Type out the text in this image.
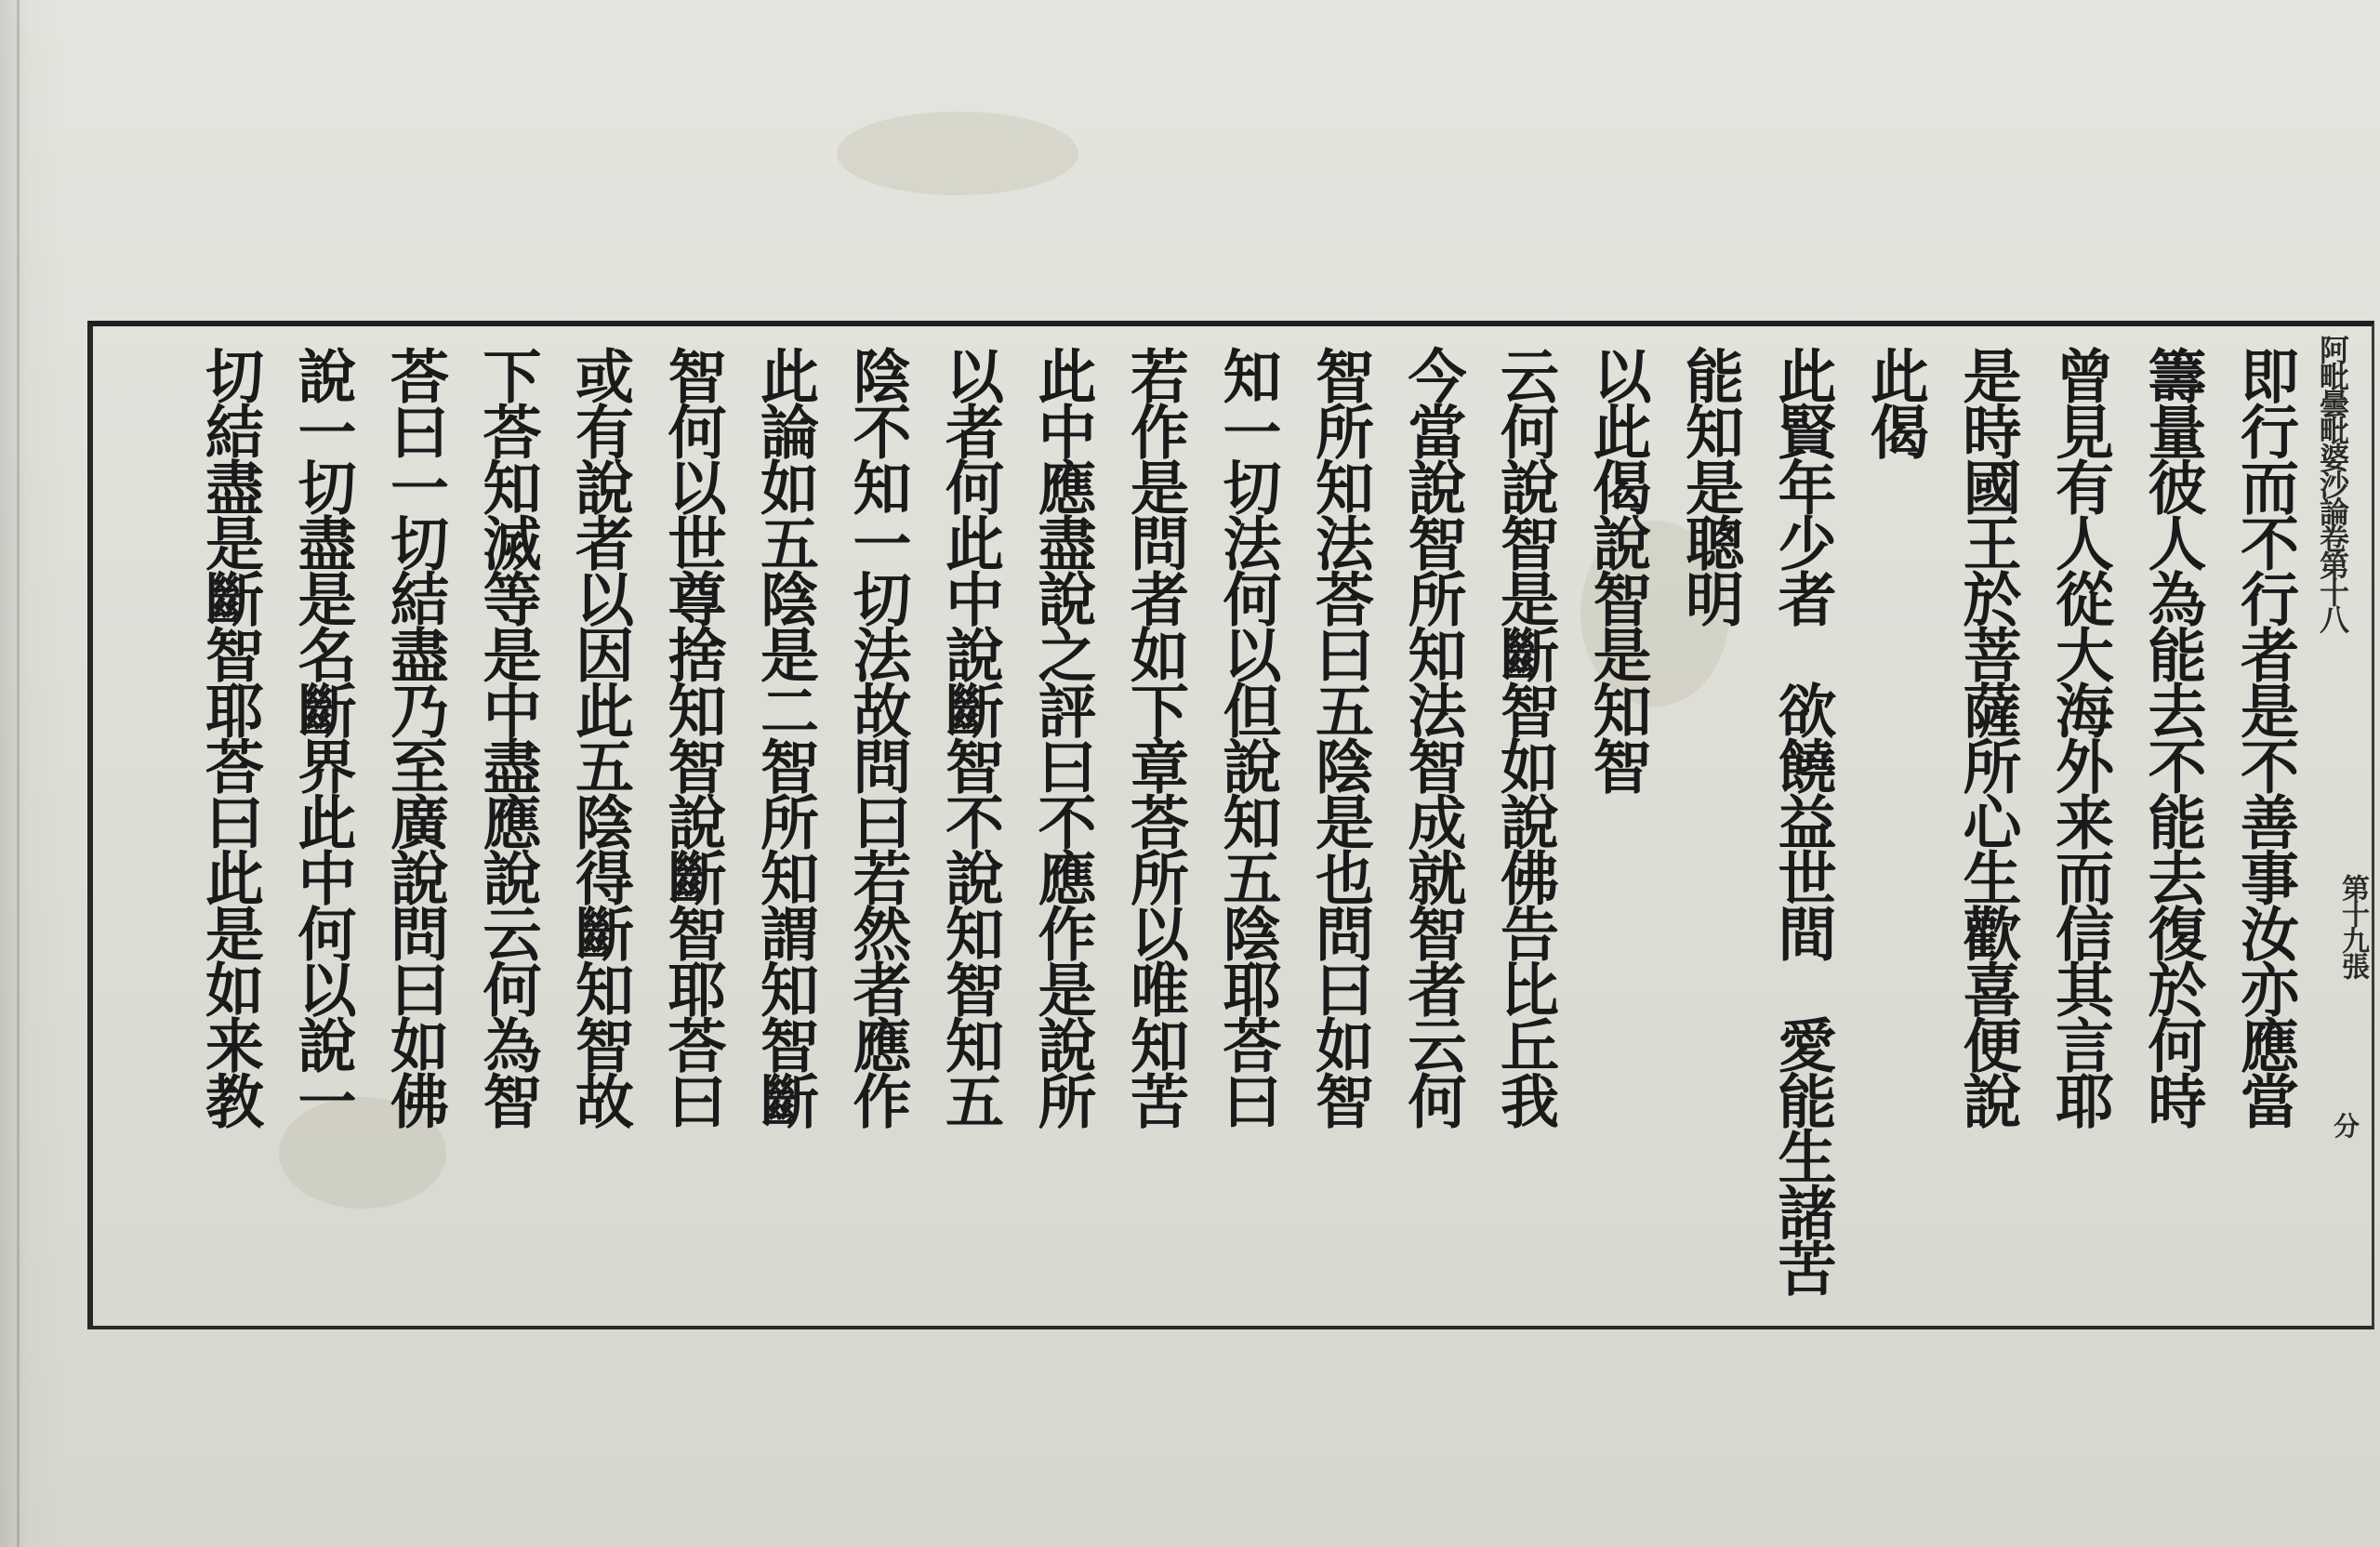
阿毗曇毗婆沙論卷第十八
第十九張
分
即行而不行者是不善事汝亦應當
籌量彼人為能去不能去復於何時
曾見有人從大海外来而信其言耶
是時國王於菩薩所心生歡喜便說
此偈
此賢年少者　欲饒益世間　愛能生諸苦
能知是聰明
以此偈說智是知智
云何說智是斷智如說佛告比丘我
今當說智所知法智成就智者云何
智所知法荅曰五陰是也問曰如智
知一切法何以但說知五陰耶荅曰
若作是問者如下章荅所以唯知苦
此中應盡說之評曰不應作是說所
以者何此中說斷智不說知智知五
陰不知一切法故問曰若然者應作
此論如五陰是二智所知謂知智斷
智何以世尊捨知智說斷智耶荅曰
或有說者以因此五陰得斷知智故
下荅知滅等是中盡應說云何為智
荅曰一切結盡乃至廣說問曰如佛
說一切盡是名斷界此中何以說一
切結盡是斷智耶荅曰此是如来教
